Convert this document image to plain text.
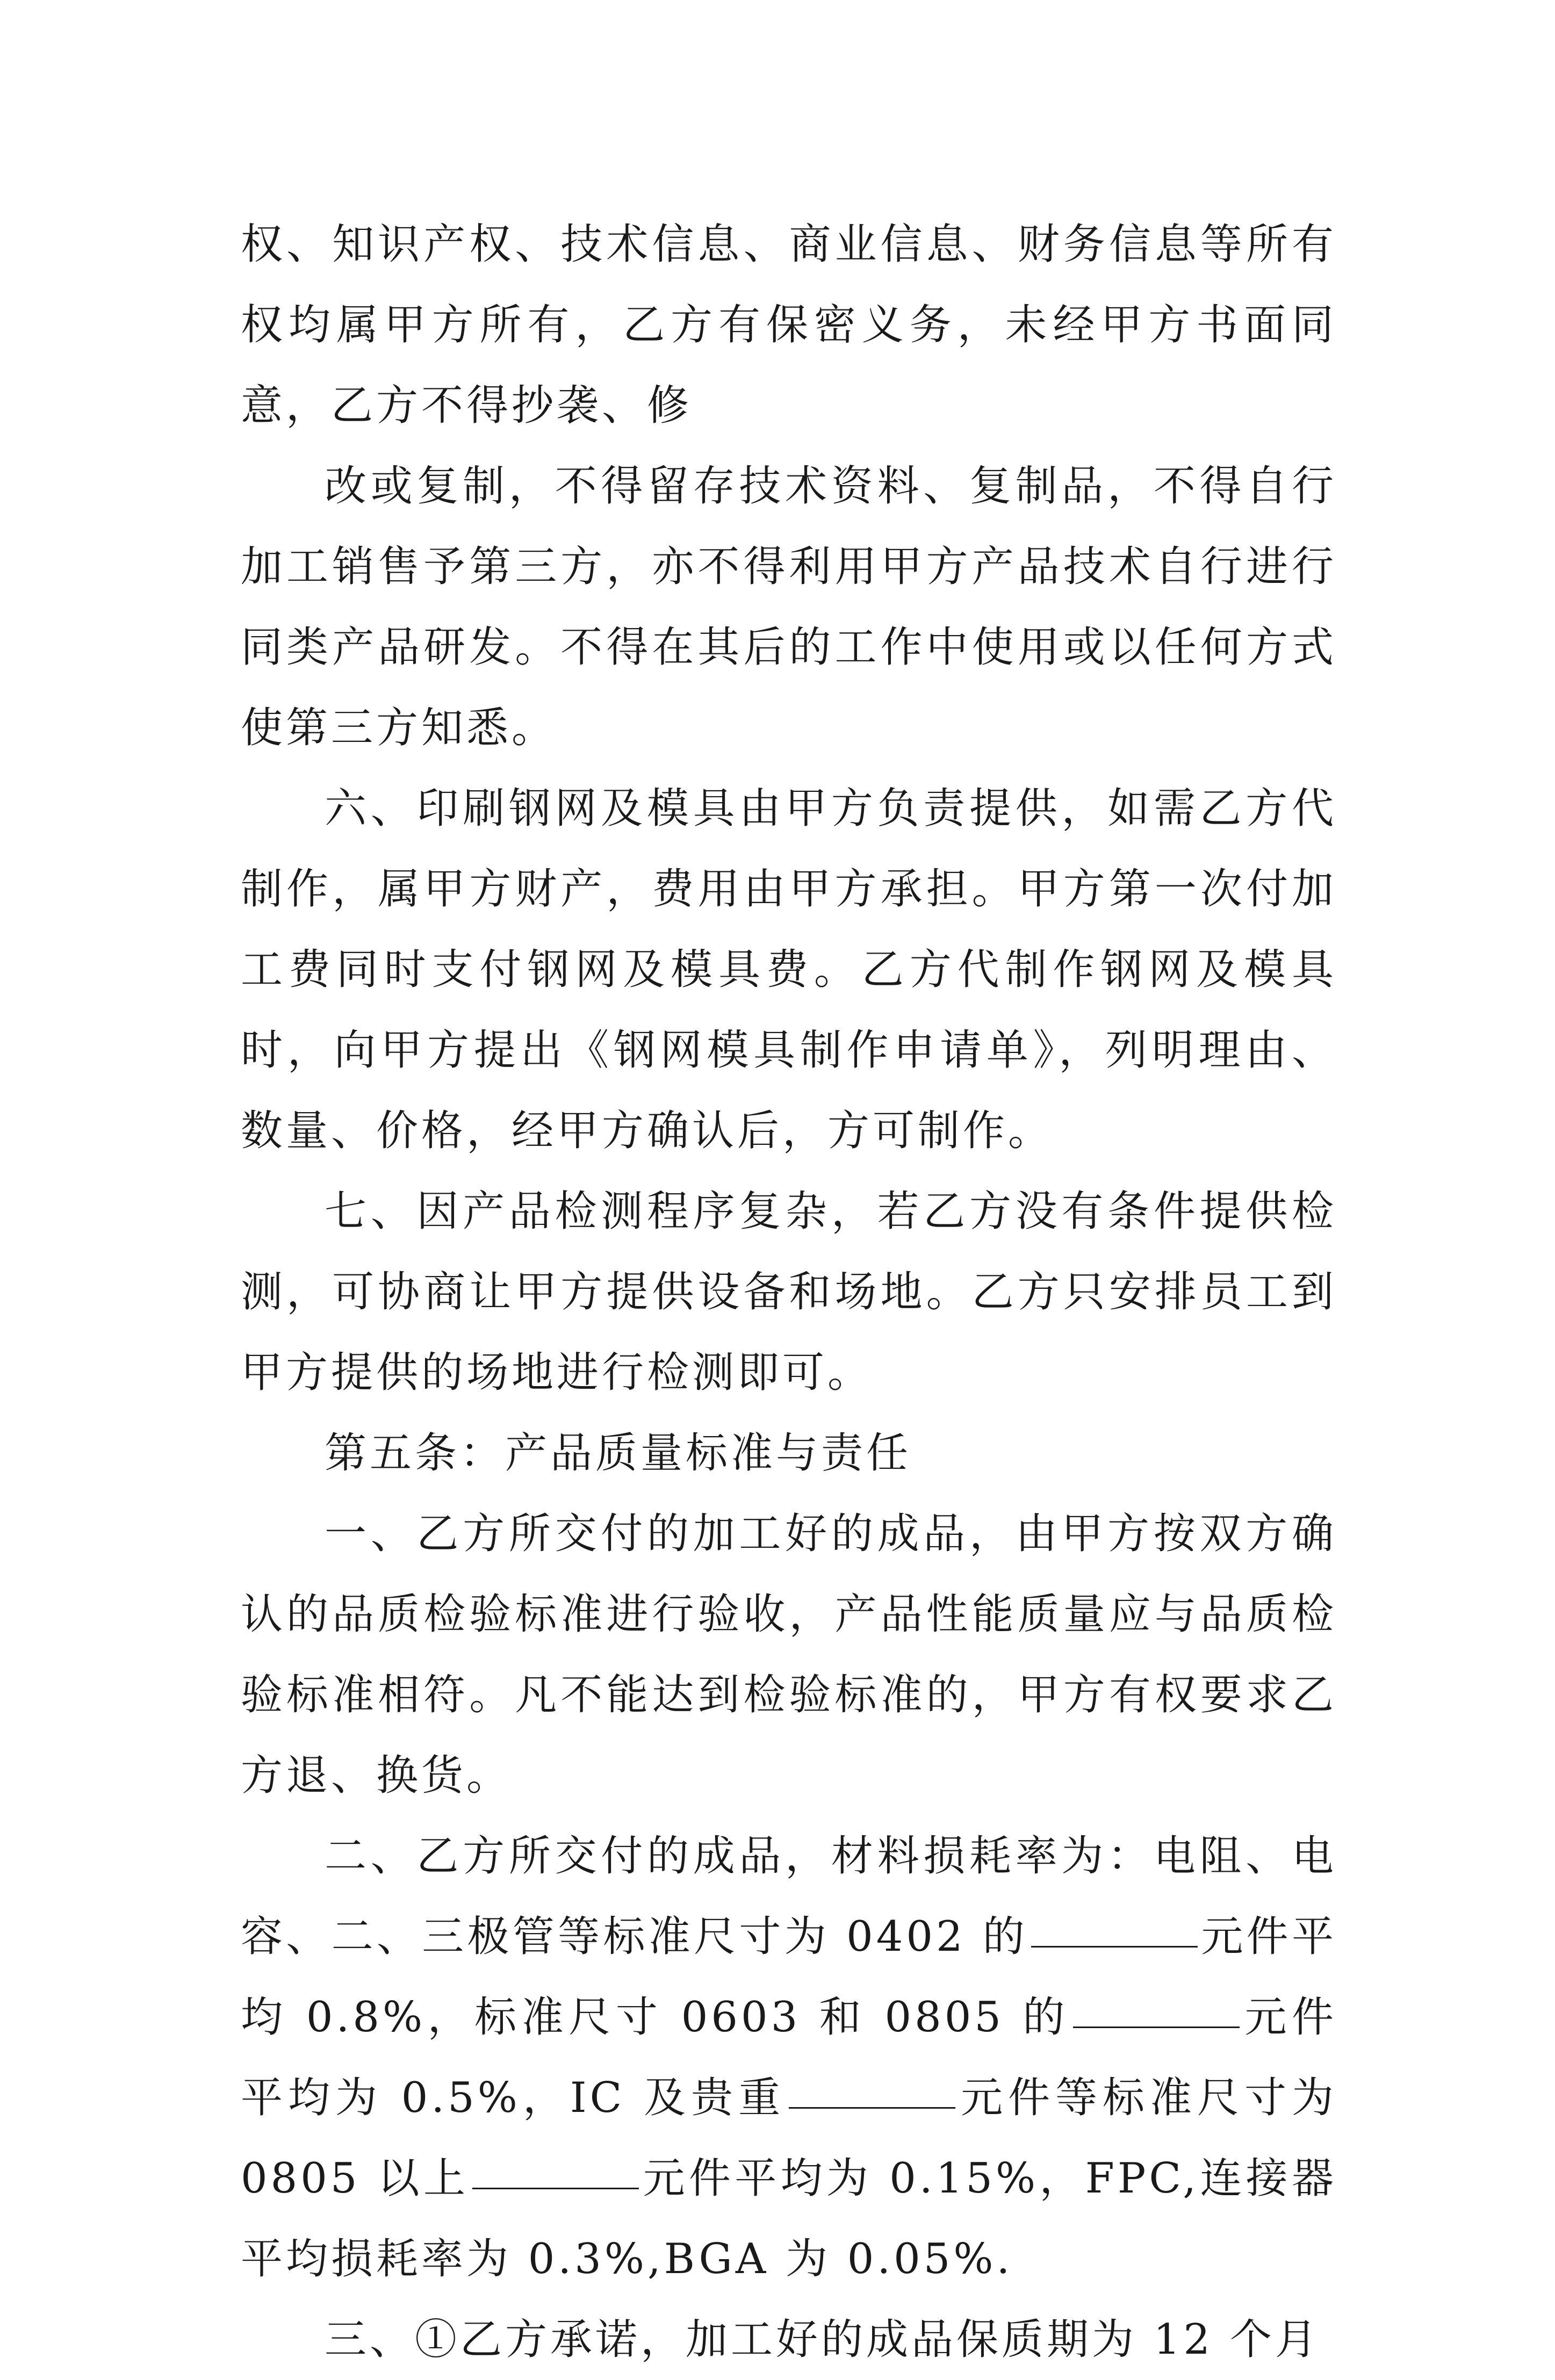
权、知识产权、技术信息、商业信息、财务信息等所有权均属甲方所有，乙方有保密义务，未经甲方书面同意，乙方不得抄袭、修

改或复制，不得留存技术资料、复制品，不得自行加工销售予第三方，亦不得利用甲方产品技术自行进行同类产品研发。不得在其后的工作中使用或以任何方式使第三方知悉。

六、印刷钢网及模具由甲方负责提供，如需乙方代制作，属甲方财产，费用由甲方承担。甲方第一次付加工费同时支付钢网及模具费。乙方代制作钢网及模具时，向甲方提出《钢网模具制作申请单》，列明理由、数量、价格，经甲方确认后，方可制作。

七、因产品检测程序复杂，若乙方没有条件提供检测，可协商让甲方提供设备和场地。乙方只安排员工到甲方提供的场地进行检测即可。

第五条：产品质量标准与责任

一、乙方所交付的加工好的成品，由甲方按双方确认的品质检验标准进行验收，产品性能质量应与品质检验标准相符。凡不能达到检验标准的，甲方有权要求乙方退、换货。

二、乙方所交付的成品，材料损耗率为：电阻、电容、二、三极管等标准尺寸为 0402 的	元件平均 0.8%，标准尺寸 0603 和 0805 的	元件平均为 0.5%，IC 及贵重	元件等标准尺寸为 0805 以上	元件平均为 0.15%，FPC,连接器平均损耗率为 0.3%,BGA 为 0.05%.

三、①乙方承诺，加工好的成品保质期为 12 个月
